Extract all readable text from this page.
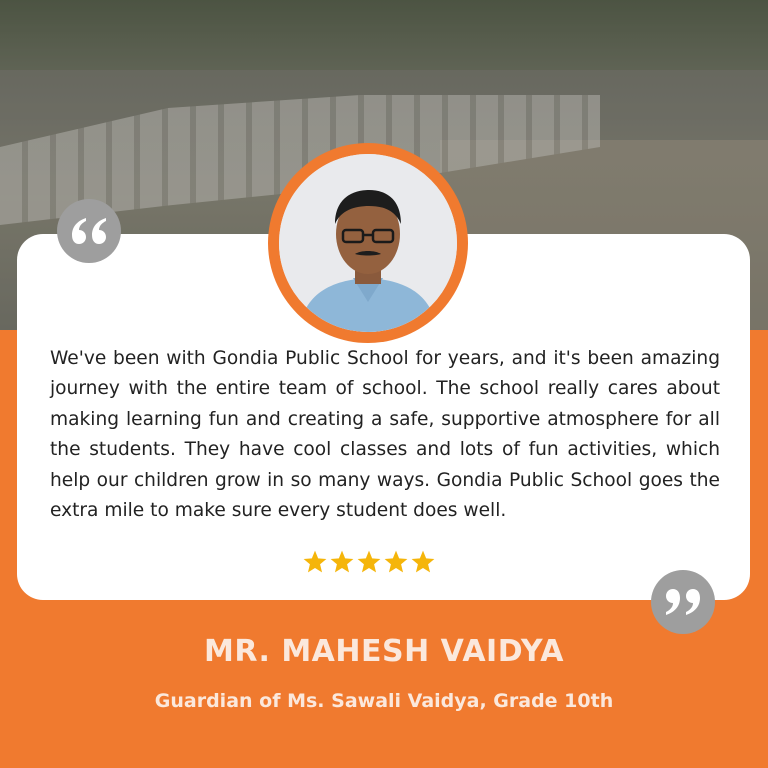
We've been with Gondia Public School for years, and it's been amazing journey with the entire team of school. The school really cares about making learning fun and creating a safe, supportive atmosphere for all the students. They have cool classes and lots of fun activities, which help our children grow in so many ways. Gondia Public School goes the extra mile to make sure every student does well.

MR. MAHESH VAIDYA
Guardian of Ms. Sawali Vaidya, Grade 10th
